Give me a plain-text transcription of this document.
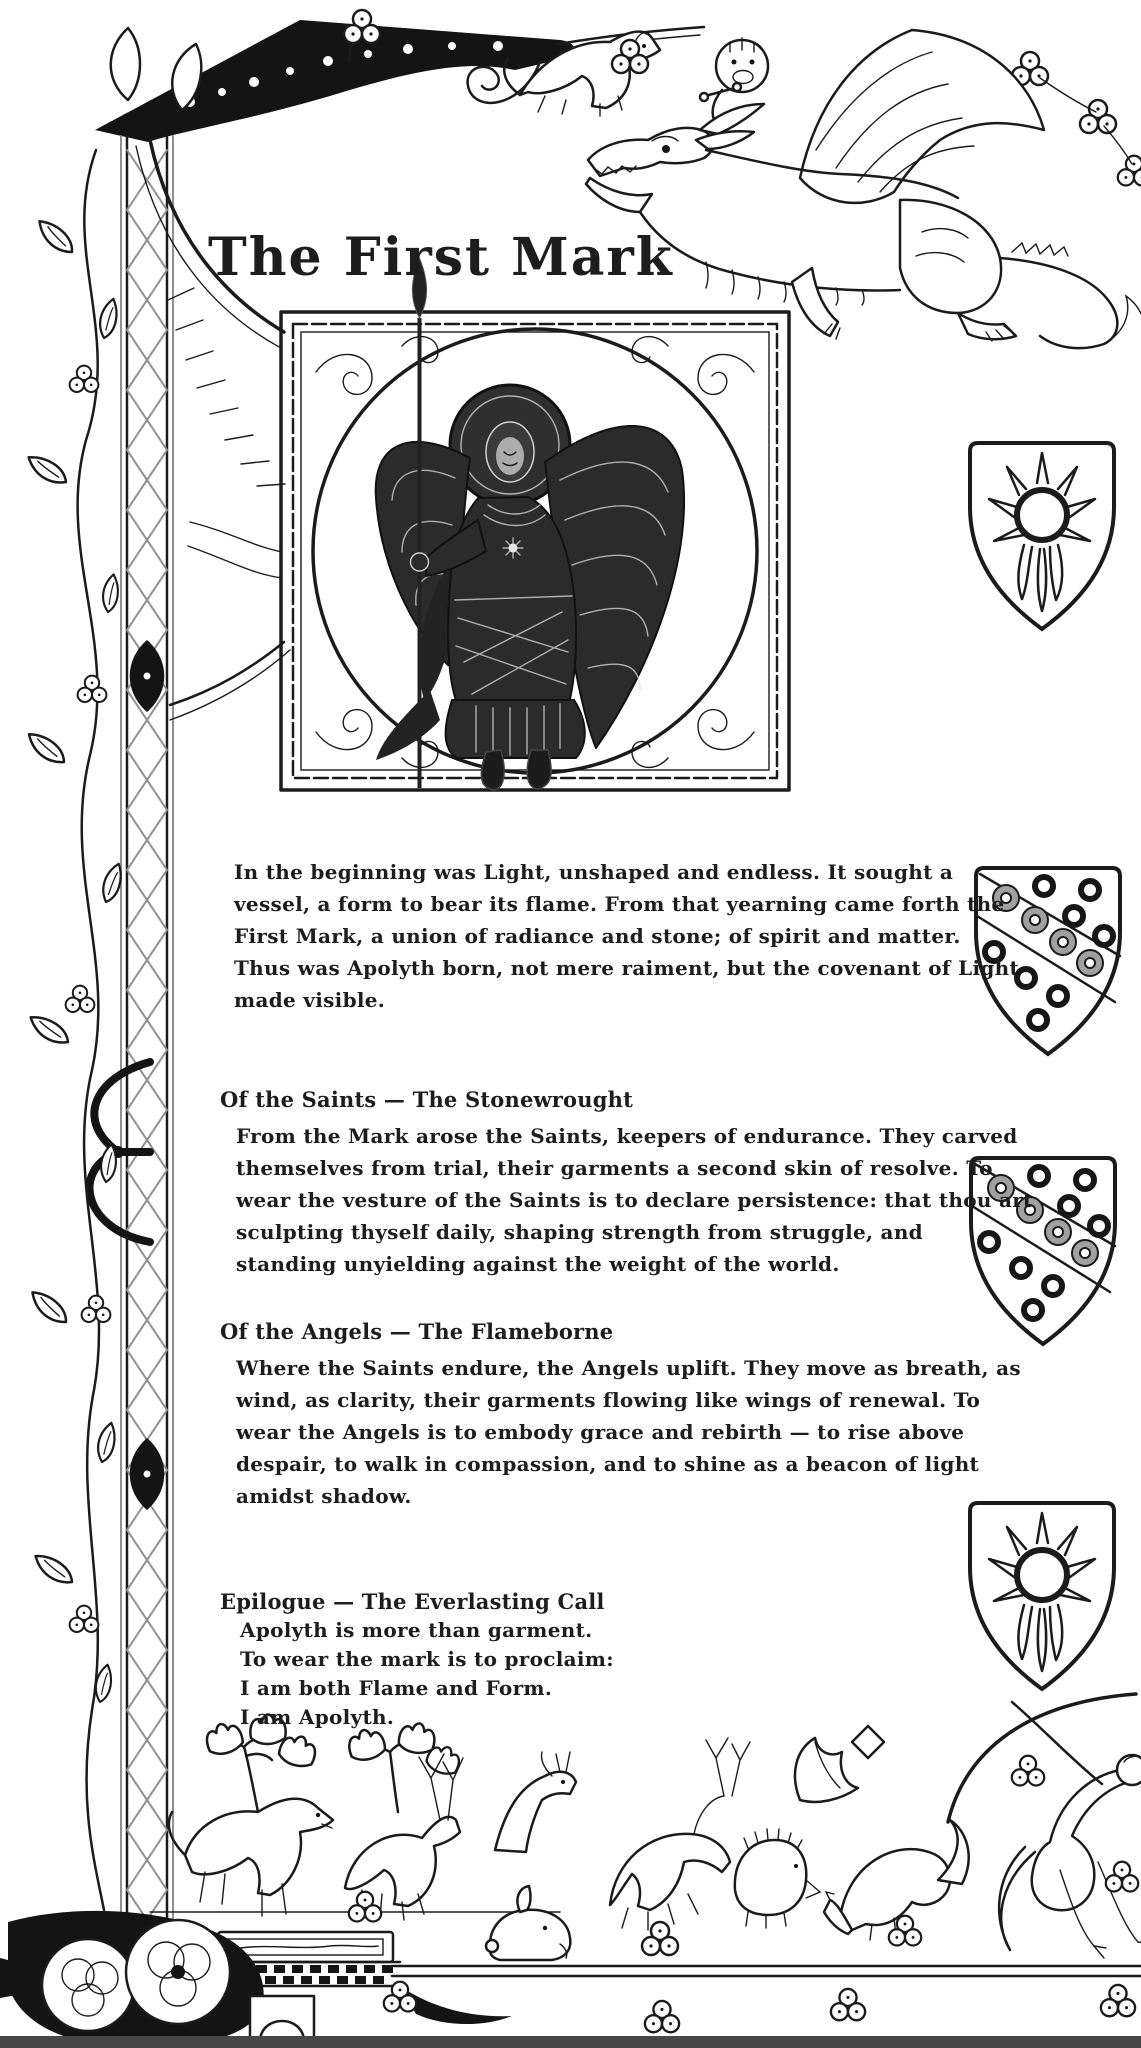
The First Mark
In the beginning was Light, unshaped and endless. It sought a
vessel, a form to bear its flame. From that yearning came forth the
First Mark, a union of radiance and stone; of spirit and matter.
Thus was Apolyth born, not mere raiment, but the covenant of Light
made visible.
Of the Saints — The Stonewrought
From the Mark arose the Saints, keepers of endurance. They carved
themselves from trial, their garments a second skin of resolve. To
wear the vesture of the Saints is to declare persistence: that thou art
sculpting thyself daily, shaping strength from struggle, and
standing unyielding against the weight of the world.
Of the Angels — The Flameborne
Where the Saints endure, the Angels uplift. They move as breath, as
wind, as clarity, their garments flowing like wings of renewal. To
wear the Angels is to embody grace and rebirth — to rise above
despair, to walk in compassion, and to shine as a beacon of light
amidst shadow.
Epilogue — The Everlasting Call
Apolyth is more than garment.
To wear the mark is to proclaim:
I am both Flame and Form.
I am Apolyth.
